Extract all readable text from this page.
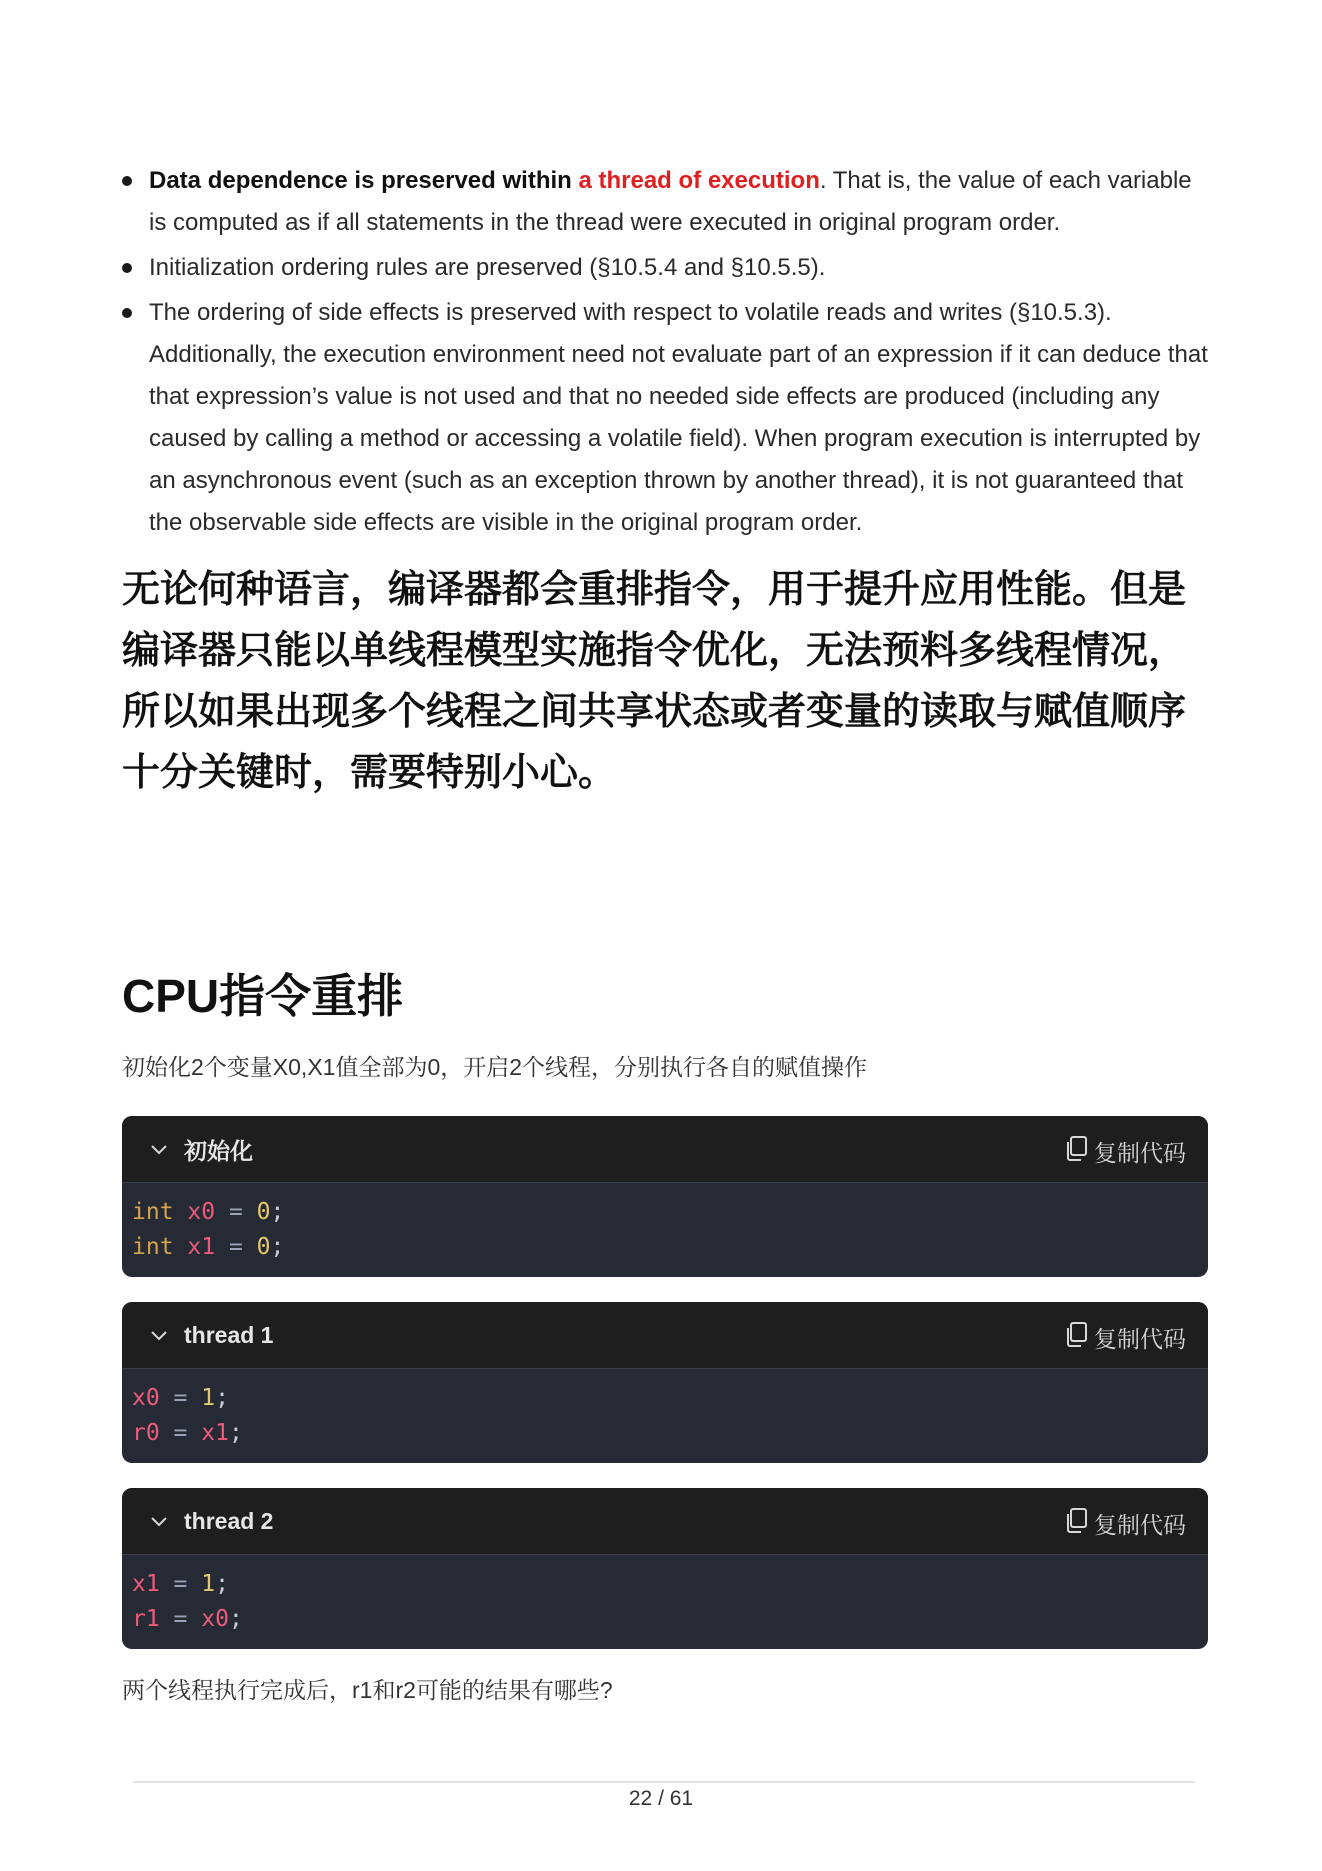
Data dependence is preserved within a thread of execution. That is, the value of each variable is computed as if all statements in the thread were executed in original program order.
Initialization ordering rules are preserved (§10.5.4 and §10.5.5).
The ordering of side effects is preserved with respect to volatile reads and writes (§10.5.3). Additionally, the execution environment need not evaluate part of an expression if it can deduce that that expression’s value is not used and that no needed side effects are produced (including any caused by calling a method or accessing a volatile field). When program execution is interrupted by an asynchronous event (such as an exception thrown by another thread), it is not guaranteed that the observable side effects are visible in the original program order.

无论何种语言，编译器都会重排指令，用于提升应用性能。但是编译器只能以单线程模型实施指令优化，无法预料多线程情况，所以如果出现多个线程之间共享状态或者变量的读取与赋值顺序十分关键时，需要特别小心。

CPU指令重排

初始化2个变量X0,X1值全部为0，开启2个线程，分别执行各自的赋值操作

初始化	复制代码
int x0 = 0;
int x1 = 0;
thread 1	复制代码
x0 = 1;
r0 = x1;
thread 2	复制代码
x1 = 1;
r1 = x0;

两个线程执行完成后，r1和r2可能的结果有哪些?

22 / 61
